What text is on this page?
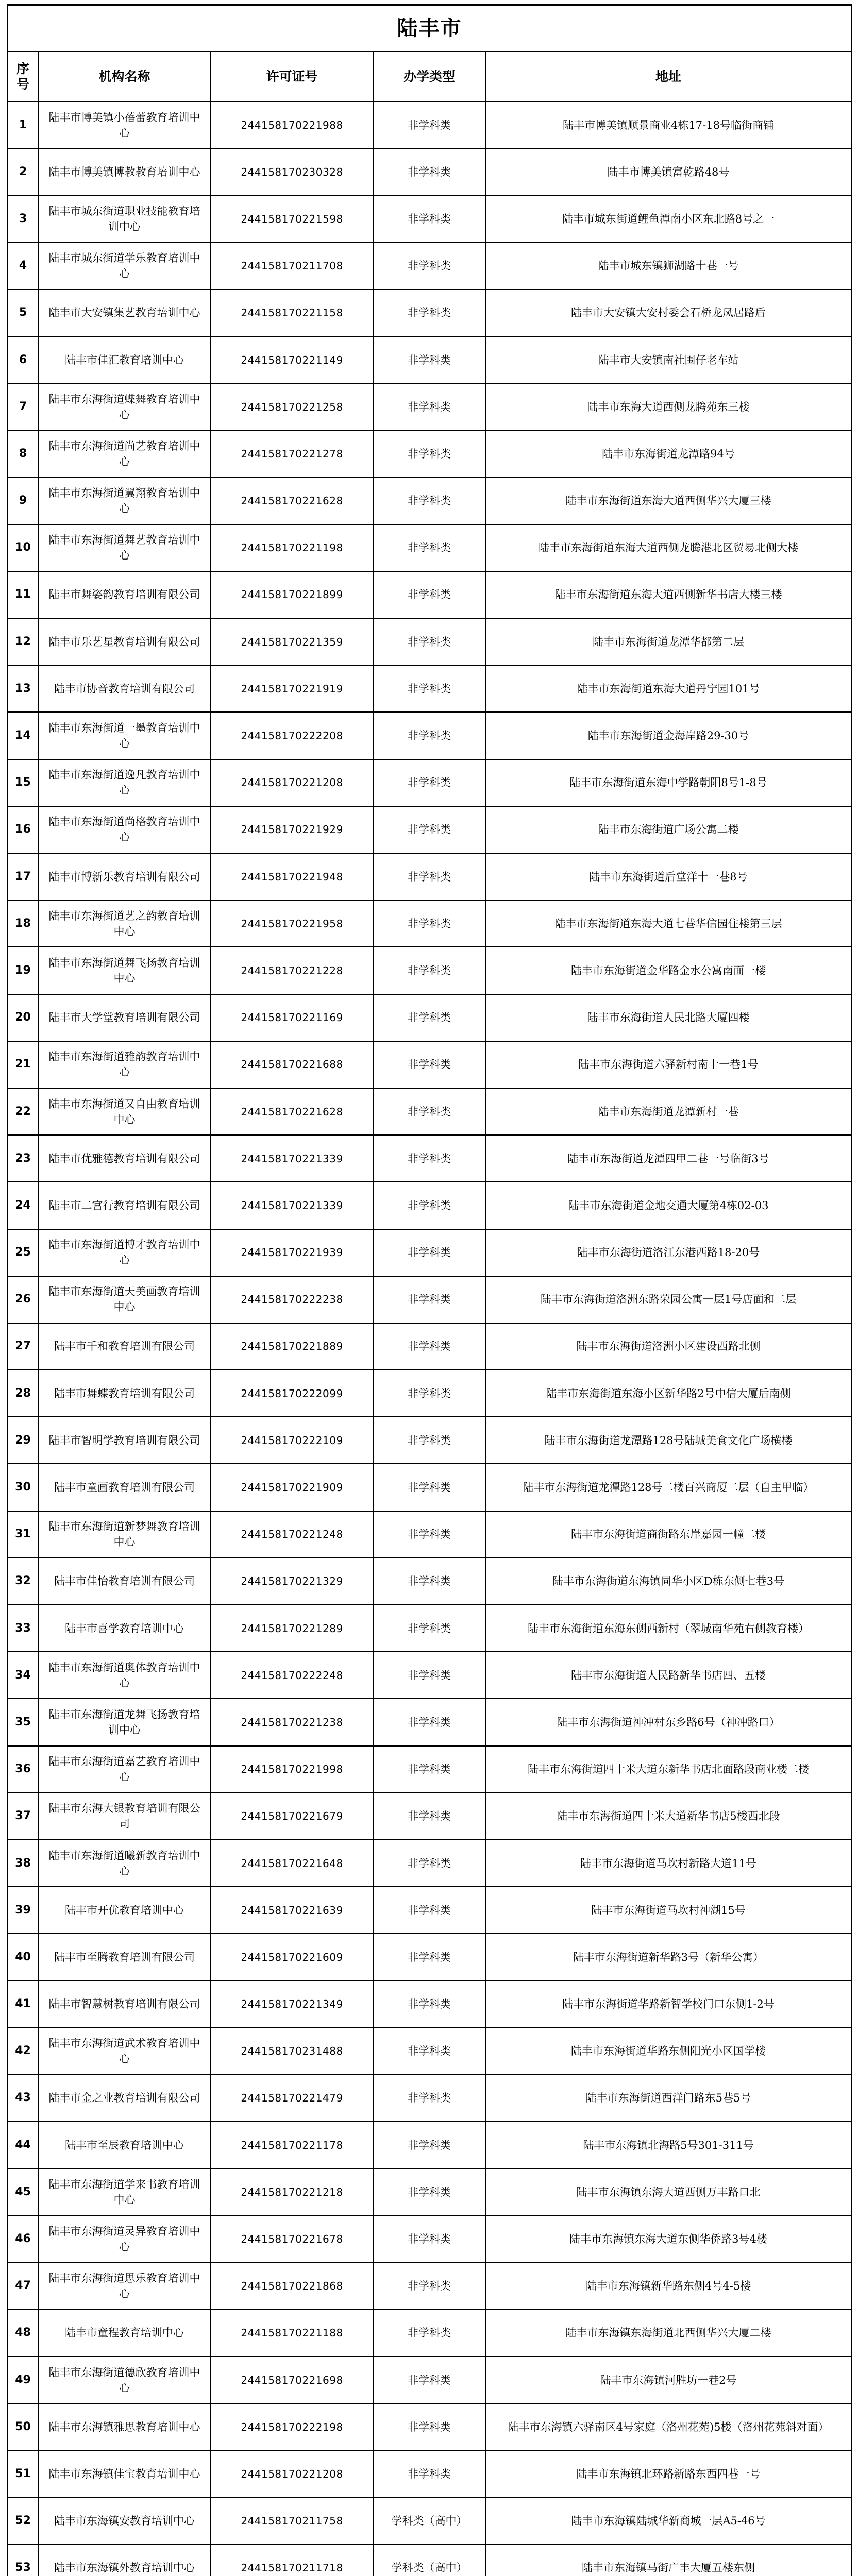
陆丰市
序号	机构名称	许可证号	办学类型	地址
1	陆丰市博美镇小蓓蕾教育培训中心	244158170221988	非学科类	陆丰市博美镇顺景商业4栋17-18号临街商铺
2	陆丰市博美镇博教教育培训中心	244158170230328	非学科类	陆丰市博美镇富乾路48号
3	陆丰市城东街道职业技能教育培训中心	244158170221598	非学科类	陆丰市城东街道鲤鱼潭南小区东北路8号之一
4	陆丰市城东街道学乐教育培训中心	244158170211708	非学科类	陆丰市城东镇狮湖路十巷一号
5	陆丰市大安镇集艺教育培训中心	244158170221158	非学科类	陆丰市大安镇大安村委会石桥龙凤居路后
6	陆丰市佳汇教育培训中心	244158170221149	非学科类	陆丰市大安镇南社围仔老车站
7	陆丰市东海街道蝶舞教育培训中心	244158170221258	非学科类	陆丰市东海大道西侧龙腾苑东三楼
8	陆丰市东海街道尚艺教育培训中心	244158170221278	非学科类	陆丰市东海街道龙潭路94号
9	陆丰市东海街道翼翔教育培训中心	244158170221628	非学科类	陆丰市东海街道东海大道西侧华兴大厦三楼
10	陆丰市东海街道舞艺教育培训中心	244158170221198	非学科类	陆丰市东海街道东海大道西侧龙腾港北区贸易北侧大楼
11	陆丰市舞姿韵教育培训有限公司	244158170221899	非学科类	陆丰市东海街道东海大道西侧新华书店大楼三楼
12	陆丰市乐艺星教育培训有限公司	244158170221359	非学科类	陆丰市东海街道龙潭华都第二层
13	陆丰市协音教育培训有限公司	244158170221919	非学科类	陆丰市东海街道东海大道丹宁园101号
14	陆丰市东海街道一墨教育培训中心	244158170222208	非学科类	陆丰市东海街道金海岸路29-30号
15	陆丰市东海街道逸凡教育培训中心	244158170221208	非学科类	陆丰市东海街道东海中学路朝阳8号1-8号
16	陆丰市东海街道尚格教育培训中心	244158170221929	非学科类	陆丰市东海街道广场公寓二楼
17	陆丰市博新乐教育培训有限公司	244158170221948	非学科类	陆丰市东海街道后堂洋十一巷8号
18	陆丰市东海街道艺之韵教育培训中心	244158170221958	非学科类	陆丰市东海街道东海大道七巷华信园住楼第三层
19	陆丰市东海街道舞飞扬教育培训中心	244158170221228	非学科类	陆丰市东海街道金华路金水公寓南面一楼
20	陆丰市大学堂教育培训有限公司	244158170221169	非学科类	陆丰市东海街道人民北路大厦四楼
21	陆丰市东海街道雅韵教育培训中心	244158170221688	非学科类	陆丰市东海街道六驿新村南十一巷1号
22	陆丰市东海街道又自由教育培训中心	244158170221628	非学科类	陆丰市东海街道龙潭新村一巷
23	陆丰市优雅德教育培训有限公司	244158170221339	非学科类	陆丰市东海街道龙潭四甲二巷一号临街3号
24	陆丰市二宫行教育培训有限公司	244158170221339	非学科类	陆丰市东海街道金地交通大厦第4栋02-03
25	陆丰市东海街道博才教育培训中心	244158170221939	非学科类	陆丰市东海街道洛江东港西路18-20号
26	陆丰市东海街道天美画教育培训中心	244158170222238	非学科类	陆丰市东海街道洛洲东路荣园公寓一层1号店面和二层
27	陆丰市千和教育培训有限公司	244158170221889	非学科类	陆丰市东海街道洛洲小区建设西路北侧
28	陆丰市舞蝶教育培训有限公司	244158170222099	非学科类	陆丰市东海街道东海小区新华路2号中信大厦后南侧
29	陆丰市智明学教育培训有限公司	244158170222109	非学科类	陆丰市东海街道龙潭路128号陆城美食文化广场横楼
30	陆丰市童画教育培训有限公司	244158170221909	非学科类	陆丰市东海街道龙潭路128号二楼百兴商厦二层（自主甲临）
31	陆丰市东海街道新梦舞教育培训中心	244158170221248	非学科类	陆丰市东海街道商街路东岸嘉园一幢二楼
32	陆丰市佳怡教育培训有限公司	244158170221329	非学科类	陆丰市东海街道东海镇同华小区D栋东侧七巷3号
33	陆丰市喜学教育培训中心	244158170221289	非学科类	陆丰市东海街道东海东侧西新村（翠城南华苑右侧教育楼）
34	陆丰市东海街道奥体教育培训中心	244158170222248	非学科类	陆丰市东海街道人民路新华书店四、五楼
35	陆丰市东海街道龙舞飞扬教育培训中心	244158170221238	非学科类	陆丰市东海街道神冲村东乡路6号（神冲路口）
36	陆丰市东海街道嘉艺教育培训中心	244158170221998	非学科类	陆丰市东海街道四十米大道东新华书店北面路段商业楼二楼
37	陆丰市东海大银教育培训有限公司	244158170221679	非学科类	陆丰市东海街道四十米大道新华书店5楼西北段
38	陆丰市东海街道曦新教育培训中心	244158170221648	非学科类	陆丰市东海街道马坎村新路大道11号
39	陆丰市开优教育培训中心	244158170221639	非学科类	陆丰市东海街道马坎村神湖15号
40	陆丰市至腾教育培训有限公司	244158170221609	非学科类	陆丰市东海街道新华路3号（新华公寓）
41	陆丰市智慧树教育培训有限公司	244158170221349	非学科类	陆丰市东海街道华路新智学校门口东侧1-2号
42	陆丰市东海街道武术教育培训中心	244158170231488	非学科类	陆丰市东海街道华路东侧阳光小区国学楼
43	陆丰市金之业教育培训有限公司	244158170221479	非学科类	陆丰市东海街道西洋门路东5巷5号
44	陆丰市至辰教育培训中心	244158170221178	非学科类	陆丰市东海镇北海路5号301-311号
45	陆丰市东海街道学来书教育培训中心	244158170221218	非学科类	陆丰市东海镇东海大道西侧万丰路口北
46	陆丰市东海街道灵异教育培训中心	244158170221678	非学科类	陆丰市东海镇东海大道东侧华侨路3号4楼
47	陆丰市东海街道思乐教育培训中心	244158170221868	非学科类	陆丰市东海镇新华路东侧4号4-5楼
48	陆丰市童程教育培训中心	244158170221188	非学科类	陆丰市东海镇东海街道北西侧华兴大厦二楼
49	陆丰市东海街道德欣教育培训中心	244158170221698	非学科类	陆丰市东海镇河胜坊一巷2号
50	陆丰市东海镇雅思教育培训中心	244158170222198	非学科类	陆丰市东海镇六驿南区4号家庭（洛州花苑)5楼（洛州花苑斜对面）
51	陆丰市东海镇佳宝教育培训中心	244158170221208	非学科类	陆丰市东海镇北环路新路东西四巷一号
52	陆丰市东海镇安教育培训中心	244158170211758	学科类（高中）	陆丰市东海镇陆城华新商城一层A5-46号
53	陆丰市东海镇外教育培训中心	244158170211718	学科类（高中）	陆丰市东海镇马街广丰大厦五楼东侧
